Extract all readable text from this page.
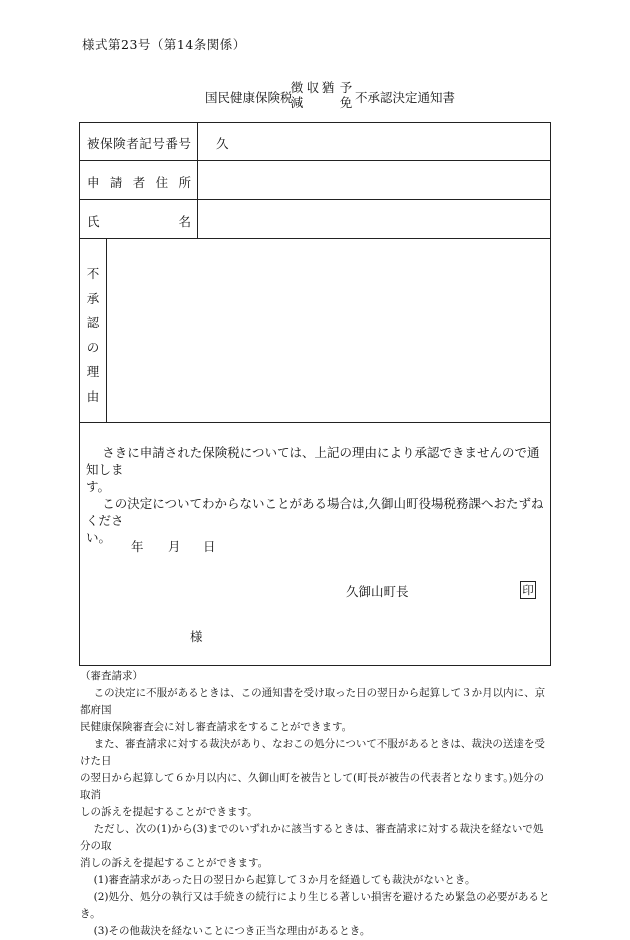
様式第23号（第14条関係）
国民健康保険税
徴
減
収 猶 予
免 不承認決定通知書
被 保 険 者 記 号 番 号 久
申 請 者 住 所
氏	名
不
承
認
の
理
由
さきに申請された保険税については、上記の理由により承認できませんので通知しま
す。
この決定についてわからないことがある場合は,久御山町役場税務課へおたずねくださ
い。
年 月 日
久御山町長	印
様

（審査請求）

この決定に不服があるときは、この通知書を受け取った日の翌日から起算して３か月以内に、京都府国

民健康保険審査会に対し審査請求をすることができます。

また、審査請求に対する裁決があり、なおこの処分について不服があるときは、裁決の送達を受けた日

の翌日から起算して６か月以内に、久御山町を被告として(町長が被告の代表者となります。)処分の取消

しの訴えを提起することができます。

ただし、次の(1)から(3)までのいずれかに該当するときは、審査請求に対する裁決を経ないで処分の取

消しの訴えを提起することができます。

(1)審査請求があった日の翌日から起算して３か月を経過しても裁決がないとき。

(2)処分、処分の執行又は手続きの続行により生じる著しい損害を避けるため緊急の必要があるとき。

(3)その他裁決を経ないことにつき正当な理由があるとき。
